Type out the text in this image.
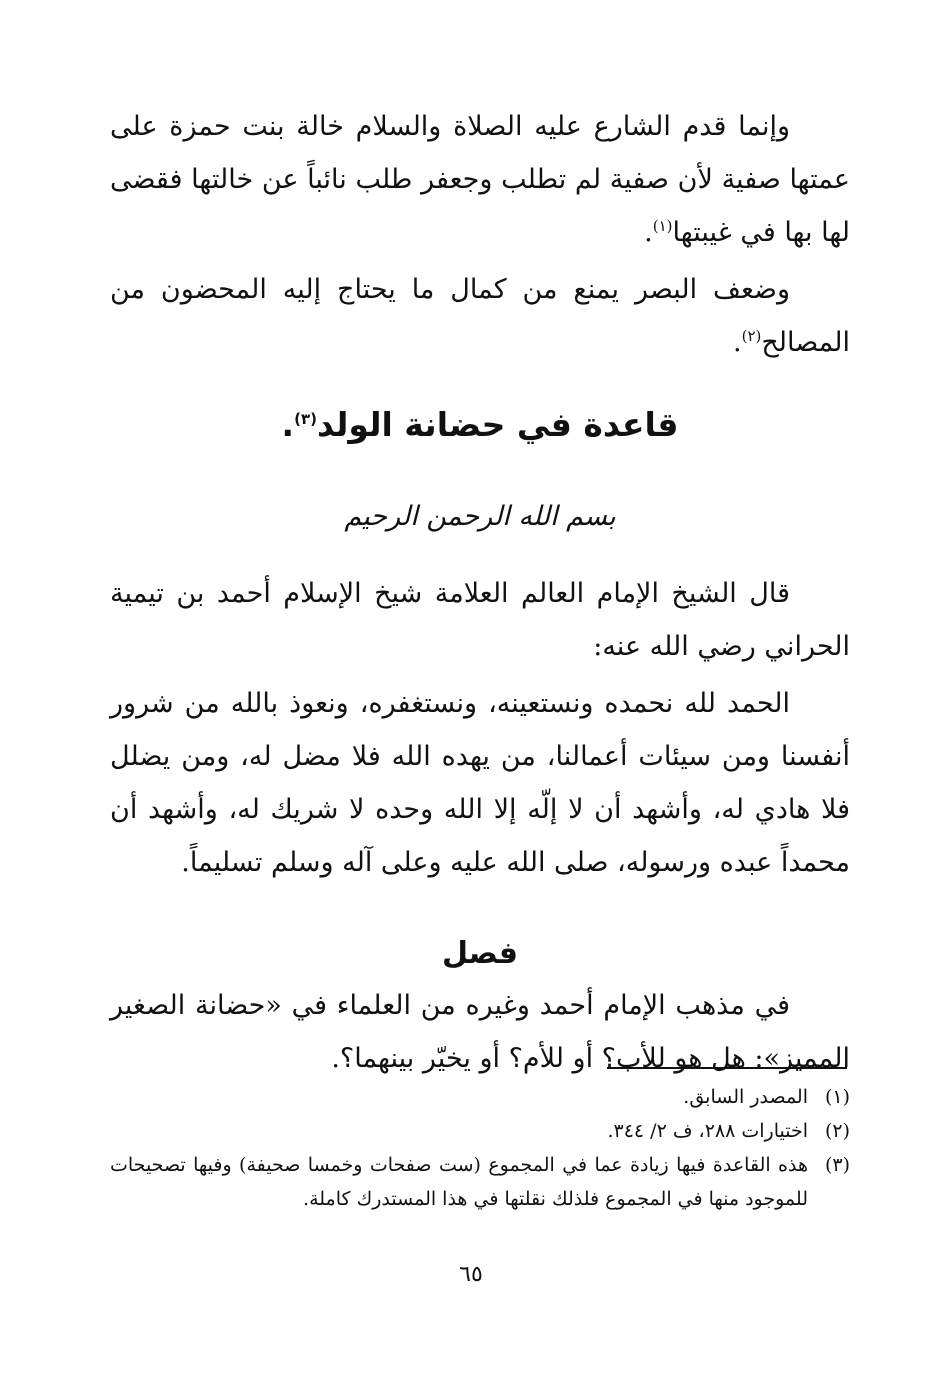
وإنما قدم الشارع عليه الصلاة والسلام خالة بنت حمزة على عمتها صفية لأن صفية لم تطلب وجعفر طلب نائباً عن خالتها فقضى لها بها في غيبتها$^{(١)}$.

وضعف البصر يمنع من كمال ما يحتاج إليه المحضون من المصالح$^{(٢)}$.

قاعدة في حضانة الولد$^{(٣)}$.
بسم الله الرحمن الرحيم

قال الشيخ الإمام العالم العلامة شيخ الإسلام أحمد بن تيمية الحراني رضي الله عنه:

الحمد لله نحمده ونستعينه، ونستغفره، ونعوذ بالله من شرور أنفسنا ومن سيئات أعمالنا، من يهده الله فلا مضل له، ومن يضلل فلا هادي له، وأشهد أن لا إلّه إلا الله وحده لا شريك له، وأشهد أن محمداً عبده ورسوله، صلى الله عليه وعلى آله وسلم تسليماً.

فصل

في مذهب الإمام أحمد وغيره من العلماء في «حضانة الصغير المميز»: هل هو للأب؟ أو للأم؟ أو يخيّر بينهما؟.

(١)
المصدر السابق.
(٢)
اختيارات ٢٨٨، ف ٢/ ٣٤٤.
(٣)
هذه القاعدة فيها زيادة عما في المجموع (ست صفحات وخمسا صحيفة) وفيها تصحيحات للموجود منها في المجموع فلذلك نقلتها في هذا المستدرك كاملة.
٦٥
